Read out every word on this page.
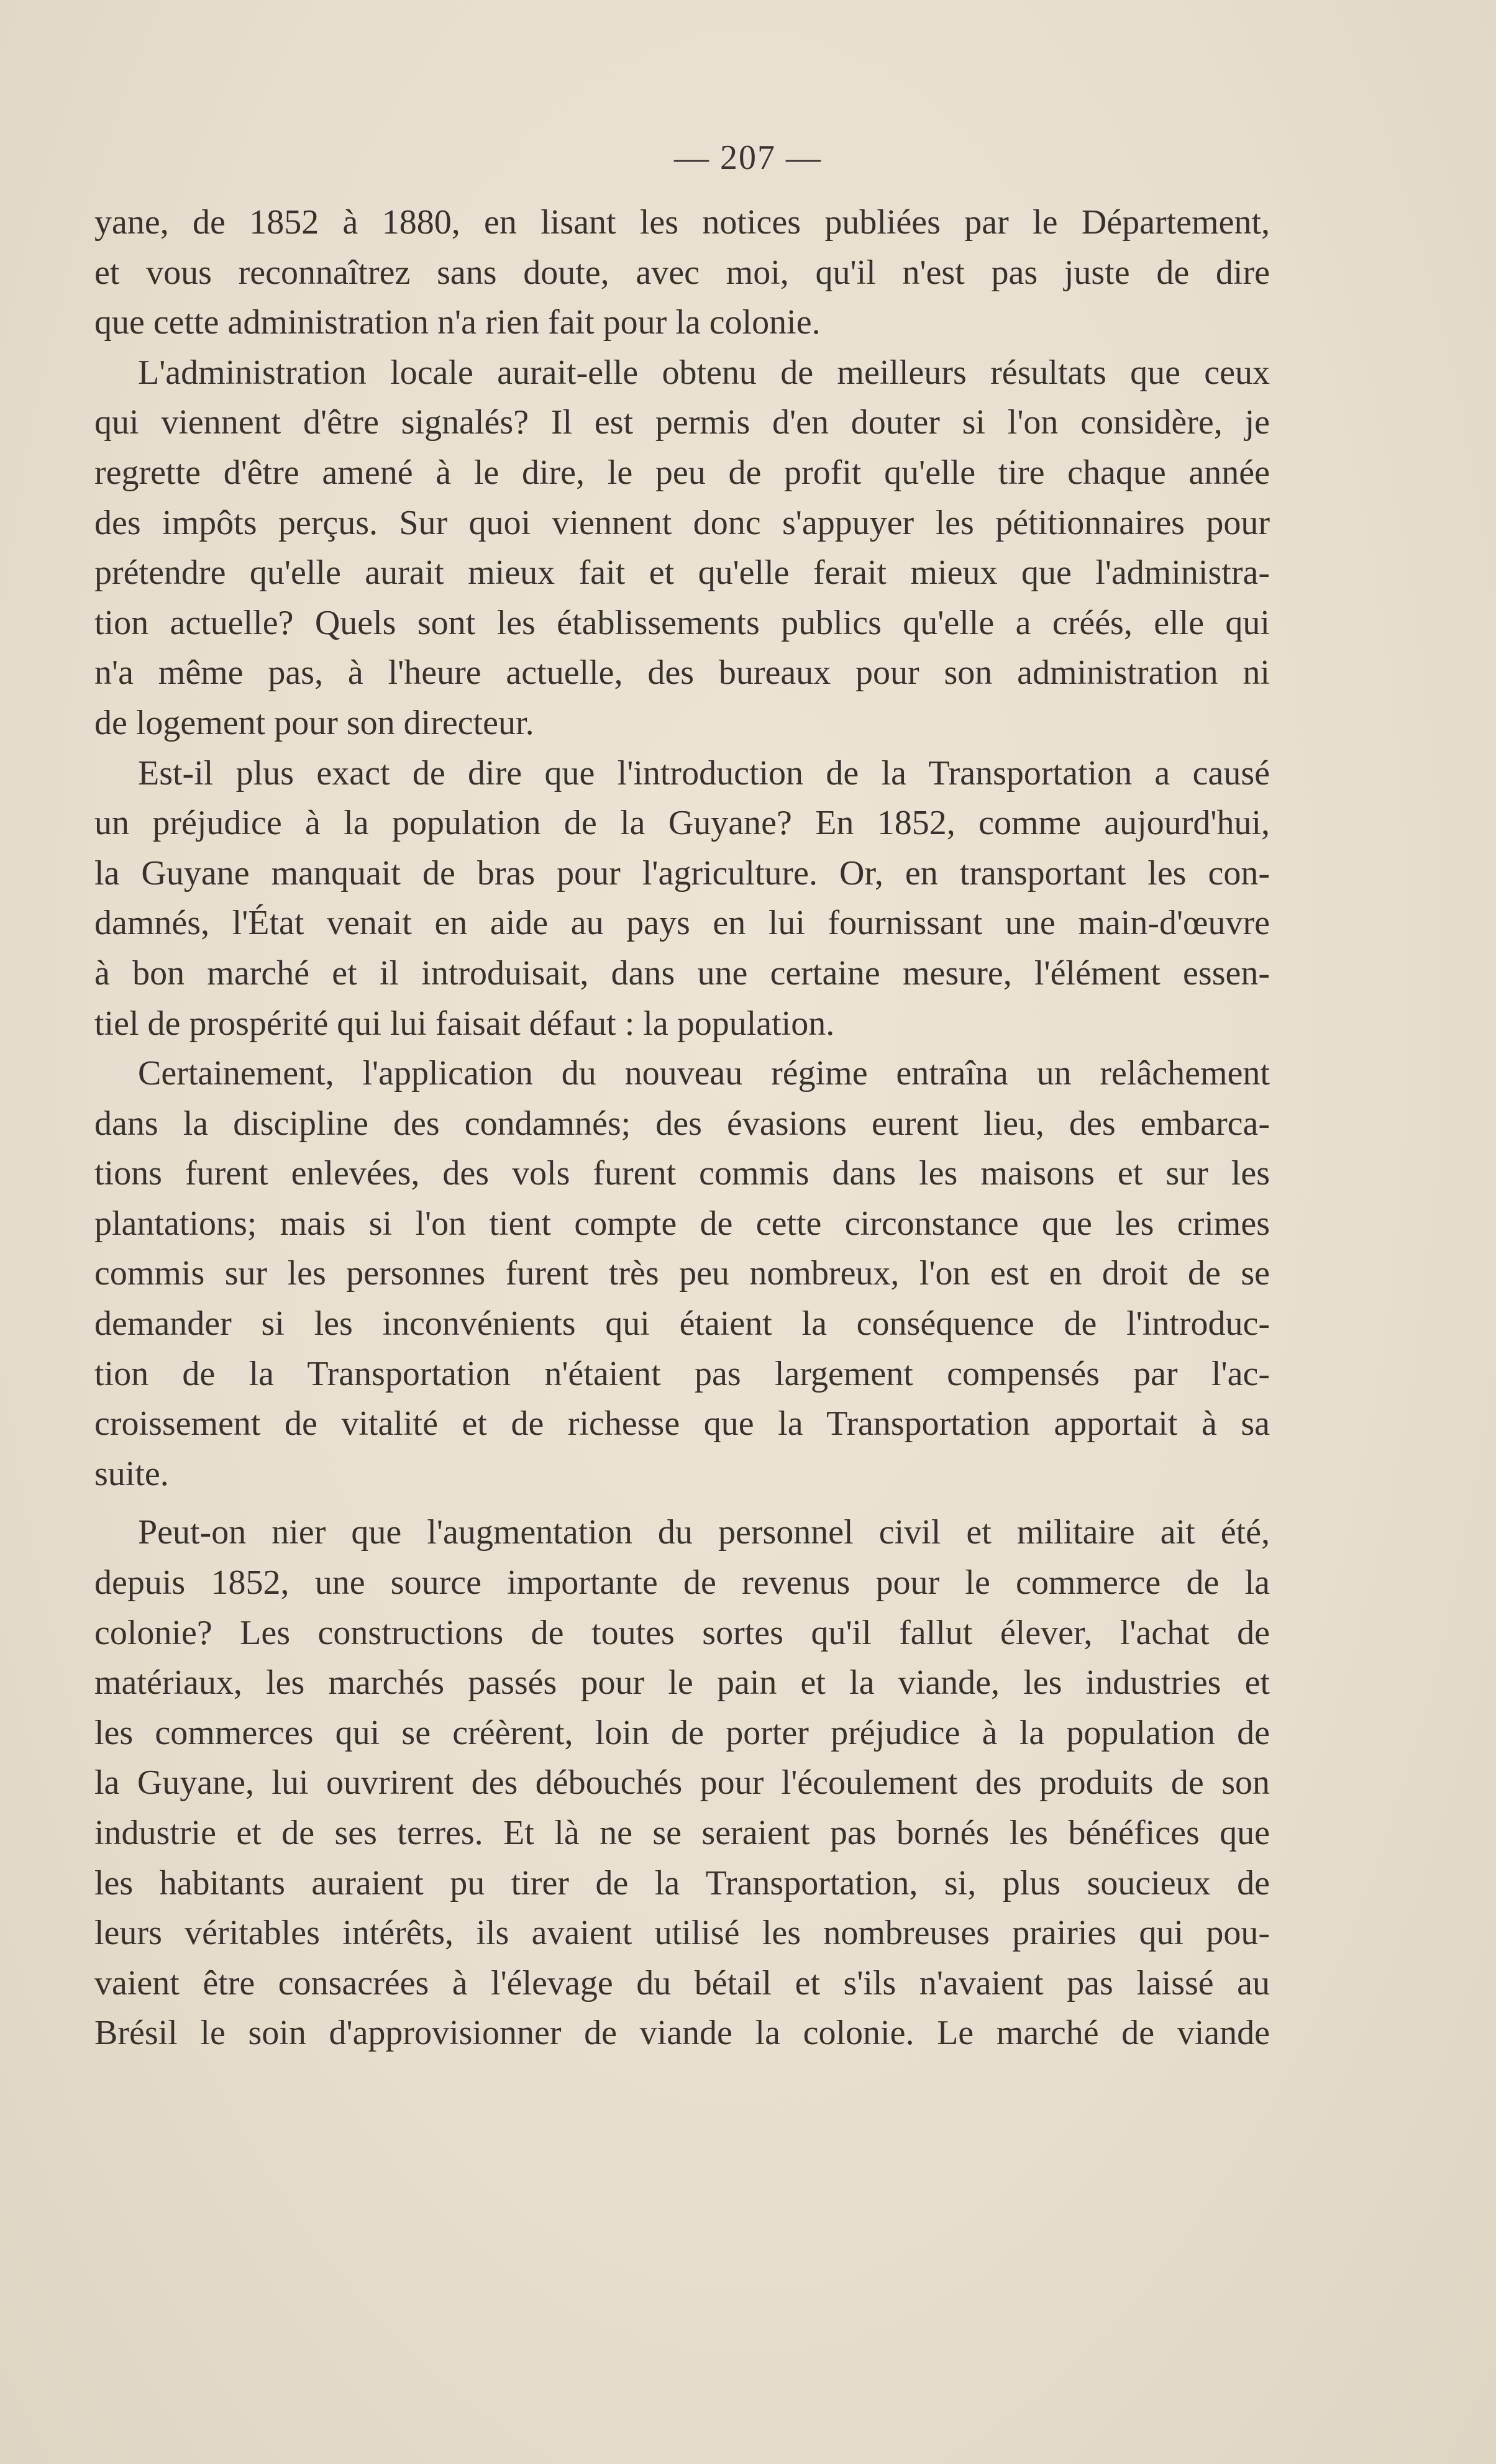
— 207 —
yane, de 1852 à 1880, en lisant les notices publiées par le Département,
et vous reconnaîtrez sans doute, avec moi, qu'il n'est pas juste de dire
que cette administration n'a rien fait pour la colonie.
L'administration locale aurait-elle obtenu de meilleurs résultats que ceux
qui viennent d'être signalés? Il est permis d'en douter si l'on considère, je
regrette d'être amené à le dire, le peu de profit qu'elle tire chaque année
des impôts perçus. Sur quoi viennent donc s'appuyer les pétitionnaires pour
prétendre qu'elle aurait mieux fait et qu'elle ferait mieux que l'administra-
tion actuelle? Quels sont les établissements publics qu'elle a créés, elle qui
n'a même pas, à l'heure actuelle, des bureaux pour son administration ni
de logement pour son directeur.
Est-il plus exact de dire que l'introduction de la Transportation a causé
un préjudice à la population de la Guyane? En 1852, comme aujourd'hui,
la Guyane manquait de bras pour l'agriculture. Or, en transportant les con-
damnés, l'État venait en aide au pays en lui fournissant une main-d'œuvre
à bon marché et il introduisait, dans une certaine mesure, l'élément essen-
tiel de prospérité qui lui faisait défaut : la population.
Certainement, l'application du nouveau régime entraîna un relâchement
dans la discipline des condamnés; des évasions eurent lieu, des embarca-
tions furent enlevées, des vols furent commis dans les maisons et sur les
plantations; mais si l'on tient compte de cette circonstance que les crimes
commis sur les personnes furent très peu nombreux, l'on est en droit de se
demander si les inconvénients qui étaient la conséquence de l'introduc-
tion de la Transportation n'étaient pas largement compensés par l'ac-
croissement de vitalité et de richesse que la Transportation apportait à sa
suite.
Peut-on nier que l'augmentation du personnel civil et militaire ait été,
depuis 1852, une source importante de revenus pour le commerce de la
colonie? Les constructions de toutes sortes qu'il fallut élever, l'achat de
matériaux, les marchés passés pour le pain et la viande, les industries et
les commerces qui se créèrent, loin de porter préjudice à la population de
la Guyane, lui ouvrirent des débouchés pour l'écoulement des produits de son
industrie et de ses terres. Et là ne se seraient pas bornés les bénéfices que
les habitants auraient pu tirer de la Transportation, si, plus soucieux de
leurs véritables intérêts, ils avaient utilisé les nombreuses prairies qui pou-
vaient être consacrées à l'élevage du bétail et s'ils n'avaient pas laissé au
Brésil le soin d'approvisionner de viande la colonie. Le marché de viande
